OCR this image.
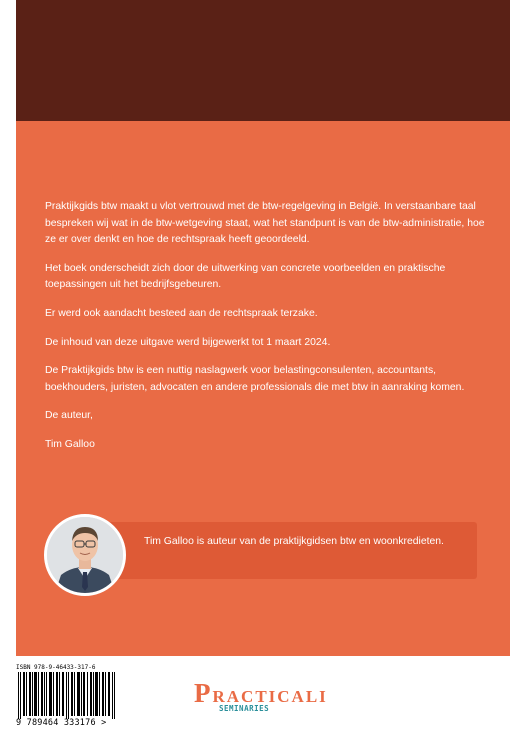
Praktijkgids btw maakt u vlot vertrouwd met de btw-regelgeving in België. In verstaanbare taal bespreken wij wat in de btw-wetgeving staat, wat het standpunt is van de btw-administratie, hoe ze er over denkt en hoe de rechtspraak heeft geoordeeld.

Het boek onderscheidt zich door de uitwerking van concrete voorbeelden en praktische toepassingen uit het bedrijfsgebeuren.

Er werd ook aandacht besteed aan de rechtspraak terzake.

De inhoud van deze uitgave werd bijgewerkt tot 1 maart 2024.

De Praktijkgids btw is een nuttig naslagwerk voor belastingconsulenten, accountants, boekhouders, juristen, advocaten en andere professionals die met btw in aanraking komen.

De auteur,

Tim Galloo

Tim Galloo is auteur van de praktijkgidsen btw en woonkredieten.
ISBN 978-9-46433-317-6
9 789464 333176 >
PRACTICALI
SEMINARIES
